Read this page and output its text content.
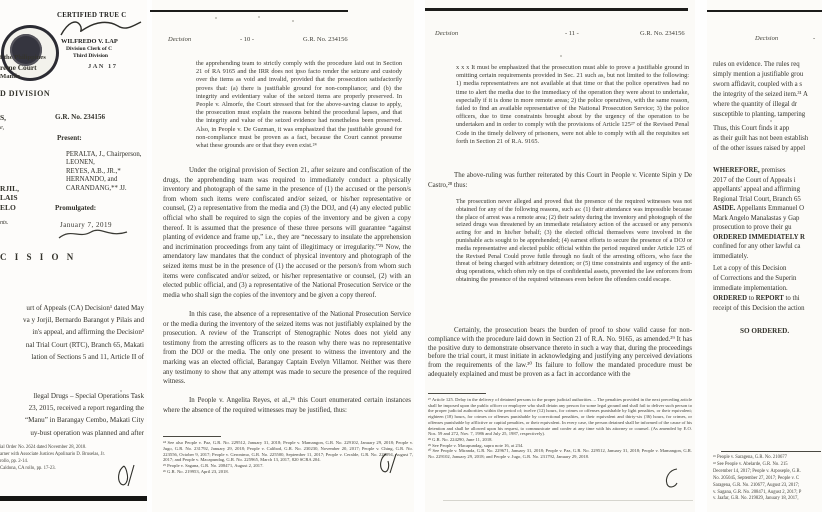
CERTIFIED TRUE C
WILFREDO V. LAP
Division Clerk of C
Third Division
JAN 17
f the Philippines
reme Court
Manila
D DIVISION
S,
e,
RJIL,
LAIS
ELO
nts.
G.R. No. 234156
Present:
PERALTA, J., Chairperson,
LEONEN,
REYES, A.B., JR.,*
HERNANDO, and
CARANDANG,** JJ.
Promulgated:
January 7, 2019
C I S I O N
urt of Appeals (CA) Decision¹ dated May
va y Jorjil, Bernardo Barangot y Pilais and
in's appeal, and affirming the Decision²
nal Trial Court (RTC), Branch 65, Makati
lation of Sections 5 and 11, Article II of
llegal Drugs – Special Operations Task
23, 2015, received a report regarding the
“Manu” in Barangay Cembo, Makati City
uy-bust operation was planned and after
ial Order No. 2624 dated November 28, 2018.
arner with Associate Justices Apolinario D. Bruselas, Jr.
rollo, pp. 2-14.
Caldona, CA rollo, pp. 17-23.
Decision	- 10 -	G.R. No. 234156
the apprehending team to strictly comply with the procedure laid out in Section 21 of RA 9165 and the IRR does not ipso facto render the seizure and custody over the items as void and invalid, provided that the prosecution satisfactorily proves that: (a) there is justifiable ground for non-compliance; and (b) the integrity and evidentiary value of the seized items are properly preserved. In People v. Almorfe, the Court stressed that for the above-saving clause to apply, the prosecution must explain the reasons behind the procedural lapses, and that the integrity and value of the seized evidence had nonetheless been preserved. Also, in People v. De Guzman, it was emphasized that the justifiable ground for non-compliance must be proven as a fact, because the Court cannot presume what these grounds are or that they even exist.²⁴
Under the original provision of Section 21, after seizure and confiscation of the drugs, the apprehending team was required to immediately conduct a physically inventory and photograph of the same in the presence of (1) the accused or the person/s from whom such items were confiscated and/or seized, or his/her representative or counsel, (2) a representative from the media and (3) the DOJ, and (4) any elected public official who shall be required to sign the copies of the inventory and be given a copy thereof. It is assumed that the presence of these three persons will guarantee “against planting of evidence and frame up,” i.e., they are “necessary to insulate the apprehension and incrimination proceedings from any taint of illegitimacy or irregularity.”²⁵ Now, the amendatory law mandates that the conduct of physical inventory and photograph of the seized items must be in the presence of (1) the accused or the person/s from whom such items were confiscated and/or seized, or his/her representative or counsel, (2) with an elected public official, and (3) a representative of the National Prosecution Service or the media who shall sign the copies of the inventory and be given a copy thereof.
In this case, the absence of a representative of the National Prosecution Service or the media during the inventory of the seized items was not justifiably explained by the prosecution. A review of the Transcript of Stenographic Notes does not yield any testimony from the arresting officers as to the reason why there was no representative from the DOJ or the media. The only one present to witness the inventory and the marking was an elected official, Barangay Captain Evelyn Villamor. Neither was there any testimony to show that any attempt was made to secure the presence of the required witness.
In People v. Angelita Reyes, et al.,²⁶ this Court enumerated certain instances where the absence of the required witnesses may be justified, thus:
²⁴ See also People v. Paz, G.R. No. 229512, January 31, 2018; People v. Mamangon, G.R. No. 229102, January 29, 2018; People v. Jugo, G.R. No. 231792, January 29, 2018; People v. Calibod, G.R. No. 230230, November 20, 2017; People v. Ching, G.R. No. 223556, October 9, 2017; People v. Geronimo, G.R. No. 225500, September 11, 2017; People v. Ceralde, G.R. No. 228894, August 7, 2017; and People v. Macapundag, G.R. No. 225965, March 13, 2017, 820 SCRA 204.
²⁵ People v. Sagana, G.R. No. 208471, August 2, 2017.
²⁶ G.R. No. 219953, April 23, 2018.
Decision	- 11 -	G.R. No. 234156
x x x It must be emphasized that the prosecution must able to prove a justifiable ground in omitting certain requirements provided in Sec. 21 such as, but not limited to the following: 1) media representatives are not available at that time or that the police operatives had no time to alert the media due to the immediacy of the operation they were about to undertake, especially if it is done in more remote areas; 2) the police operatives, with the same reason, failed to find an available representative of the National Prosecution Service; 3) the police officers, due to time constraints brought about by the urgency of the operation to be undertaken and in order to comply with the provisions of Article 125²⁷ of the Revised Penal Code in the timely delivery of prisoners, were not able to comply with all the requisites set forth in Section 21 of R.A. 9165.
The above-ruling was further reiterated by this Court in People v. Vicente Sipin y De Castro,²⁸ thus:
The prosecution never alleged and proved that the presence of the required witnesses was not obtained for any of the following reasons, such as: (1) their attendance was impossible because the place of arrest was a remote area; (2) their safety during the inventory and photograph of the seized drugs was threatened by an immediate retaliatory action of the accused or any person/s acting for and in his/her behalf; (3) the elected official themselves were involved in the punishable acts sought to be apprehended; (4) earnest efforts to secure the presence of a DOJ or media representative and elected public official within the period required under Article 125 of the Revised Penal Could prove futile through no fault of the arresting officers, who face the threat of being charged with arbitrary detention; or (5) time constraints and urgency of the anti-drug operations, which often rely on tips of confidential assets, prevented the law enforcers from obtaining the presence of the required witnesses even before the offenders could escape.
Certainly, the prosecution bears the burden of proof to show valid cause for non-compliance with the procedure laid down in Section 21 of R.A. No. 9165, as amended.²⁹ It has the positive duty to demonstrate observance thereto in such a way that, during the proceedings before the trial court, it must initiate in acknowledging and justifying any perceived deviations from the requirements of the law.³⁰ Its failure to follow the mandated procedure must be adequately explained and must be proven as a fact in accordance with the
²⁷ Article 125. Delay in the delivery of detained persons to the proper judicial authorities. – The penalties provided in the next preceding article shall be imposed upon the public officer or employee who shall detain any person for some legal ground and shall fail to deliver such person to the proper judicial authorities within the period of; twelve (12) hours, for crimes or offenses punishable by light penalties, or their equivalent; eighteen (18) hours, for crimes or offenses punishable by correctional penalties, or their equivalent and thirty-six (36) hours, for crimes, or offenses punishable by afflictive or capital penalties, or their equivalent. In every case, the person detained shall be informed of the cause of his detention and shall be allowed upon his request, to communicate and confer at any time with his attorney or counsel. (As amended by E.O. Nos. 59 and 272, Nov. 7, 1986 and July 25, 1987, respectively).
²⁸ G.R. No. 224290, June 11, 2018.
²⁹ See People v. Macapundag, supra note 16, at 234.
³⁰ See People v. Miranda, G.R. No. 229671, January 31, 2018; People v. Paz, G.R. No. 229512, January 31, 2018; People v. Mamangon, G.R. No. 229102, January 29, 2018; and People v. Jugo, G.R. No. 231792, January 29, 2018.
Decision	-
rules on evidence. The rules req
simply mention a justifiable grou
sworn affidavit, coupled with a s
the integrity of the seized item.³¹ A
where the quantity of illegal dr
susceptible to planting, tampering
Thus, this Court finds it app
as their guilt has not been establish
of the other issues raised by appel
WHEREFORE, premises
2017 of the Court of Appeals i
appellants' appeal and affirming
Regional Trial Court, Branch 65
ASIDE. Appellants Emmanuel O
Mark Angelo Manalastas y Gap
prosecution to prove their gu
ORDERED IMMEDIATELY R
confined for any other lawful ca
immediately.
Let a copy of this Decision
of Corrections and the Superin
immediate implementation.
ORDERED to REPORT to thi
receipt of this Decision the action
SO ORDERED.
³¹ People v. Saragena, G.R. No. 210677
³² See People v. Abelarde, G.R. No. 215
December 14, 2017; People v. Arposeple, G.R.
No. 205045, September 27, 2017; People v. C
Saragena, G.R. No. 210677, August 23, 2017;
v. Sagana, G.R. No. 208471, August 2, 2017; P
v. Jaafar, G.R. No. 219829, January 18, 2017,
